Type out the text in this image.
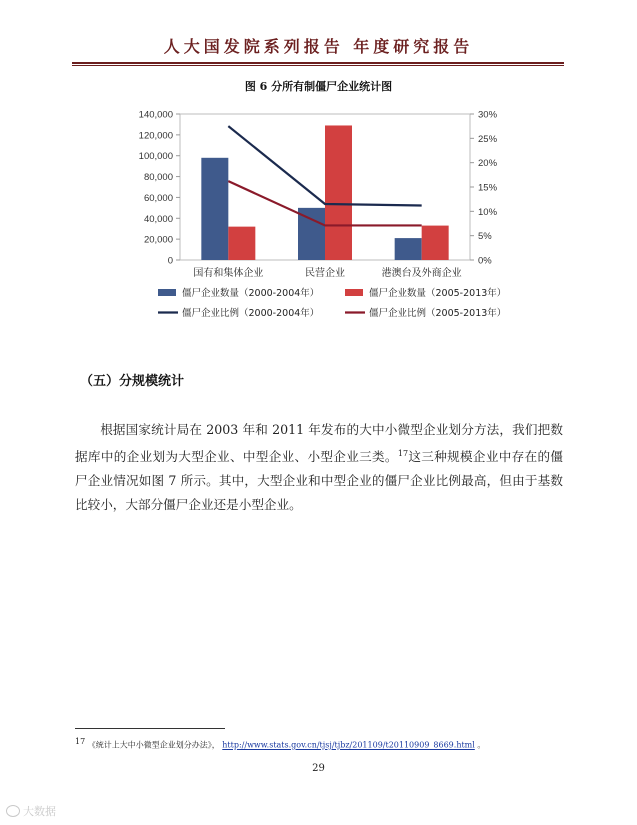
人大国发院系列报告 年度研究报告
图 6 分所有制僵尸企业统计图
0
20,000
40,000
60,000
80,000
100,000
120,000
140,000
0%
5%
10%
15%
20%
25%
30%
国有和集体企业	民营企业	港澳台及外商企业
僵尸企业数量（2000-2004年）	僵尸企业数量（2005-2013年）
僵尸企业比例（2000-2004年）	僵尸企业比例（2005-2013年）
（五）分规模统计

根据国家统计局在 2003 年和 2011 年发布的大中小微型企业划分方法，我们把数据库中的企业划为大型企业、中型企业、小型企业三类。$^{17}$这三种规模企业中存在的僵尸企业情况如图 7 所示。其中，大型企业和中型企业的僵尸企业比例最高，但由于基数比较小，大部分僵尸企业还是小型企业。

17 《统计上大中小微型企业划分办法》， http://www.stats.gov.cn/tjsj/tjbz/201109/t20110909_8669.html 。
29
大数据
